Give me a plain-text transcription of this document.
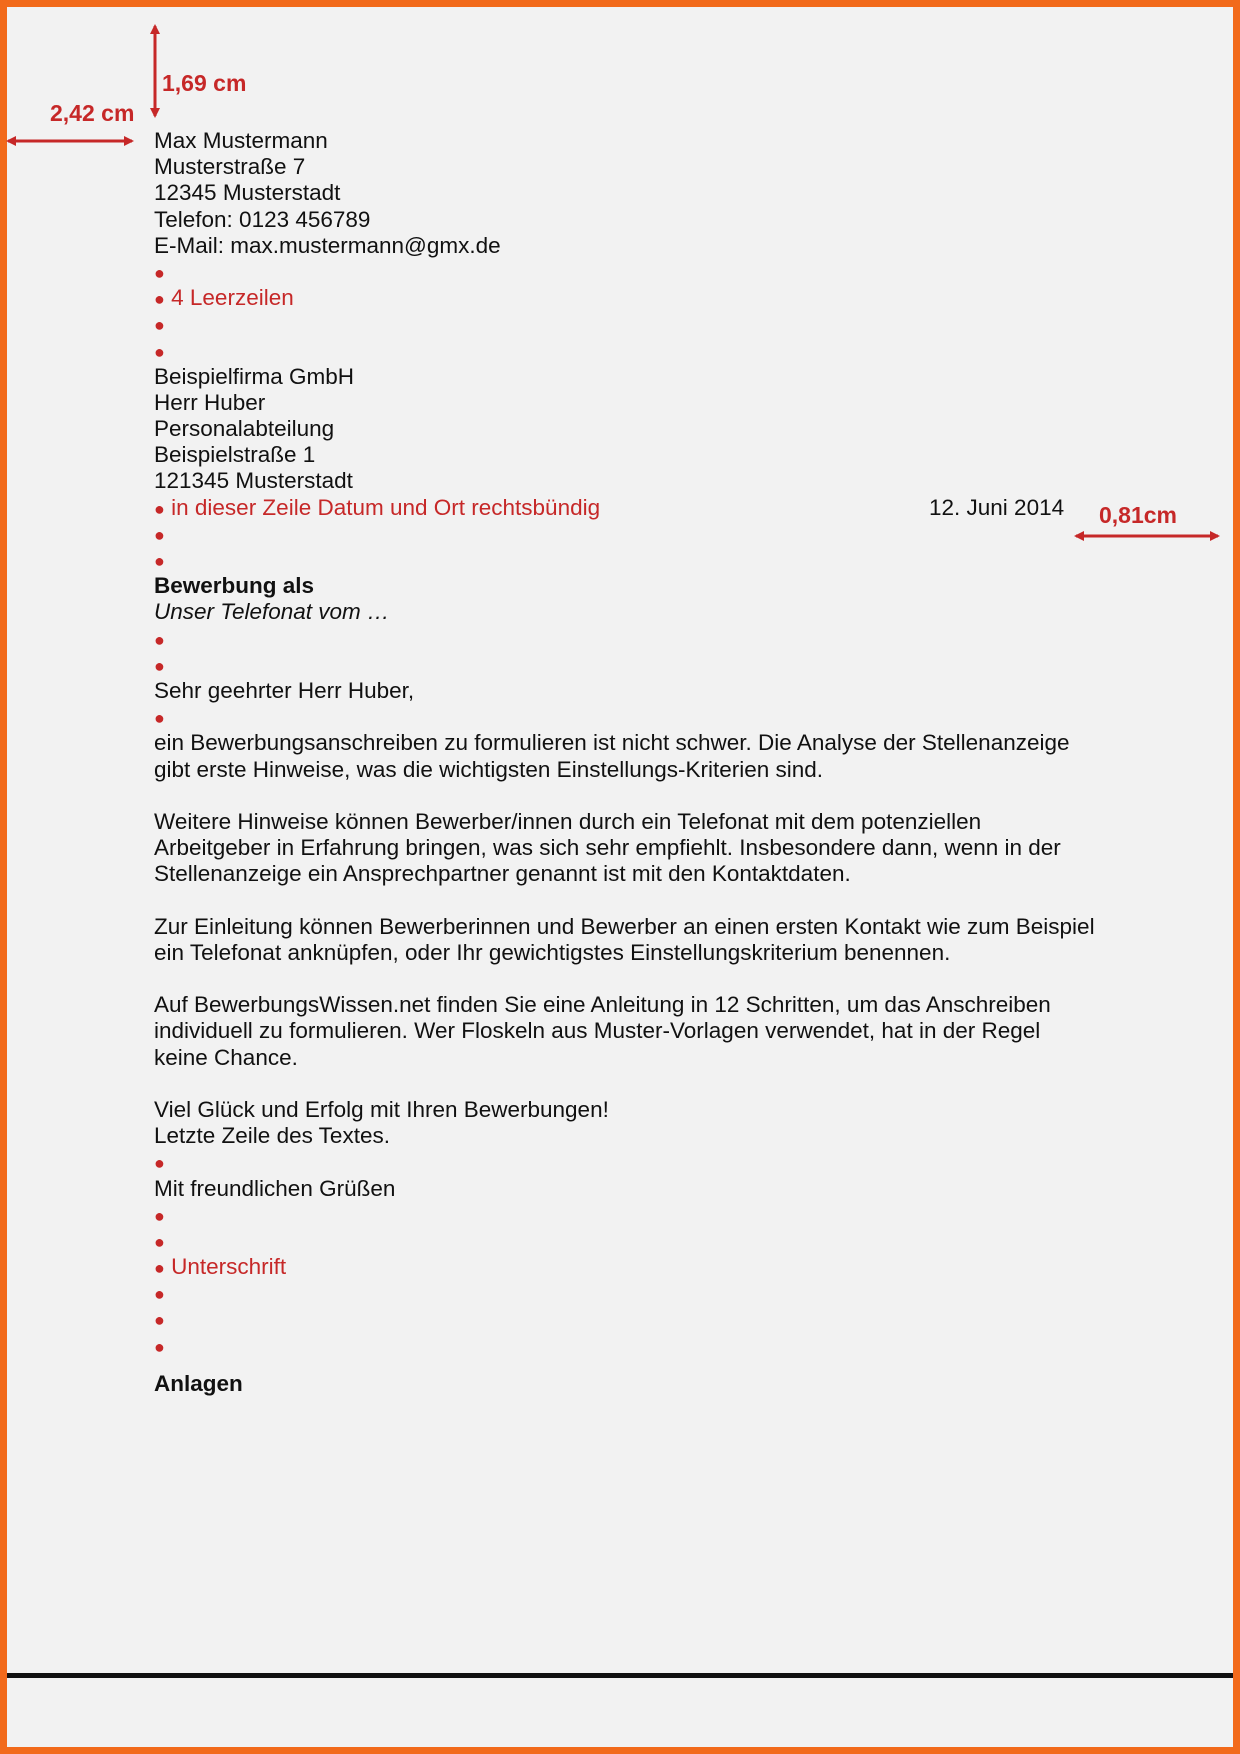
1,69 cm
2,42 cm
0,81cm
Max Mustermann
Musterstraße 7
12345 Musterstadt
Telefon: 0123 456789
E-Mail: max.mustermann@gmx.de
●
● 4 Leerzeilen
●
●
Beispielfirma GmbH
Herr Huber
Personalabteilung
Beispielstraße 1
121345 Musterstadt
● in dieser Zeile Datum und Ort rechtsbündig	12. Juni 2014
●
●
Bewerbung als
Unser Telefonat vom …
●
●
Sehr geehrter Herr Huber,
●
ein Bewerbungsanschreiben zu formulieren ist nicht schwer. Die Analyse der Stellenanzeige
gibt erste Hinweise, was die wichtigsten Einstellungs-Kriterien sind.
Weitere Hinweise können Bewerber/innen durch ein Telefonat mit dem potenziellen
Arbeitgeber in Erfahrung bringen, was sich sehr empfiehlt. Insbesondere dann, wenn in der
Stellenanzeige ein Ansprechpartner genannt ist mit den Kontaktdaten.
Zur Einleitung können Bewerberinnen und Bewerber an einen ersten Kontakt wie zum Beispiel
ein Telefonat anknüpfen, oder Ihr gewichtigstes Einstellungskriterium benennen.
Auf BewerbungsWissen.net finden Sie eine Anleitung in 12 Schritten, um das Anschreiben
individuell zu formulieren. Wer Floskeln aus Muster-Vorlagen verwendet, hat in der Regel
keine Chance.
Viel Glück und Erfolg mit Ihren Bewerbungen!
Letzte Zeile des Textes.
●
Mit freundlichen Grüßen
●
●
● Unterschrift
●
●
●
Anlagen
